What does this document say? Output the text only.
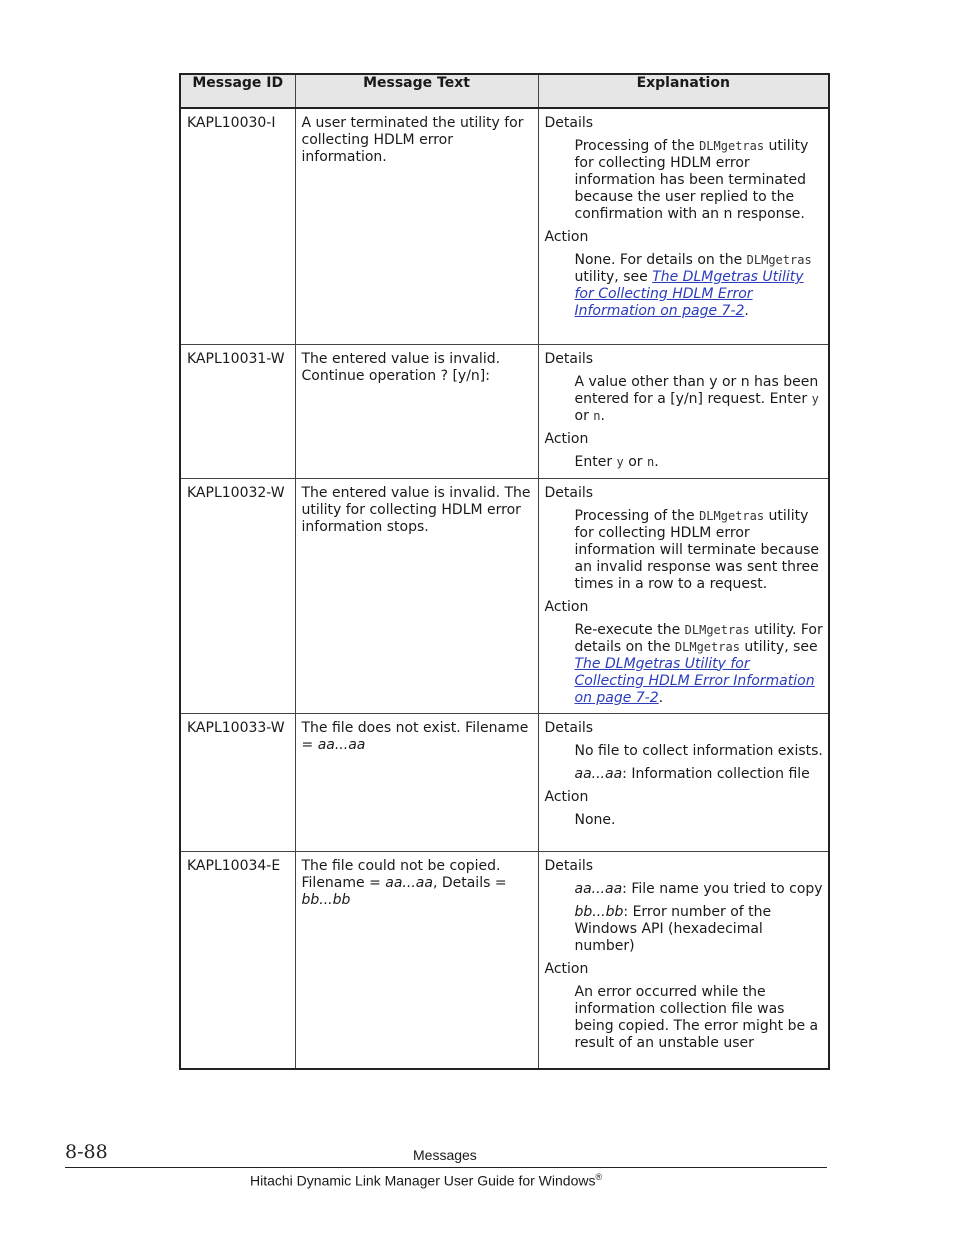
Message ID	Message Text	Explanation
KAPL10030-I	A user terminated the utility for collecting HDLM error information.	Details
Processing of the DLMgetras utility for collecting HDLM error information has been terminated because the user replied to the confirmation with an n response.
Action
None. For details on the DLMgetras utility, see The DLMgetras Utility for Collecting HDLM Error Information on page 7-2.

KAPL10031-W	The entered value is invalid. Continue operation ? [y/n]:	Details
A value other than y or n has been entered for a [y/n] request. Enter y or n.
Action
Enter y or n.

KAPL10032-W	The entered value is invalid. The utility for collecting HDLM error information stops.	Details
Processing of the DLMgetras utility for collecting HDLM error information will terminate because an invalid response was sent three times in a row to a request.
Action
Re-execute the DLMgetras utility. For details on the DLMgetras utility, see The DLMgetras Utility for Collecting HDLM Error Information on page 7-2.

KAPL10033-W	The file does not exist. Filename = aa...aa	Details
No file to collect information exists.
aa...aa: Information collection file
Action
None.

KAPL10034-E	The file could not be copied. Filename = aa...aa, Details = bb...bb	Details
aa...aa: File name you tried to copy
bb...bb: Error number of the Windows API (hexadecimal number)
Action
An error occurred while the information collection file was being copied. The error might be a result of an unstable user
8-88	Messages
Hitachi Dynamic Link Manager User Guide for Windows®
